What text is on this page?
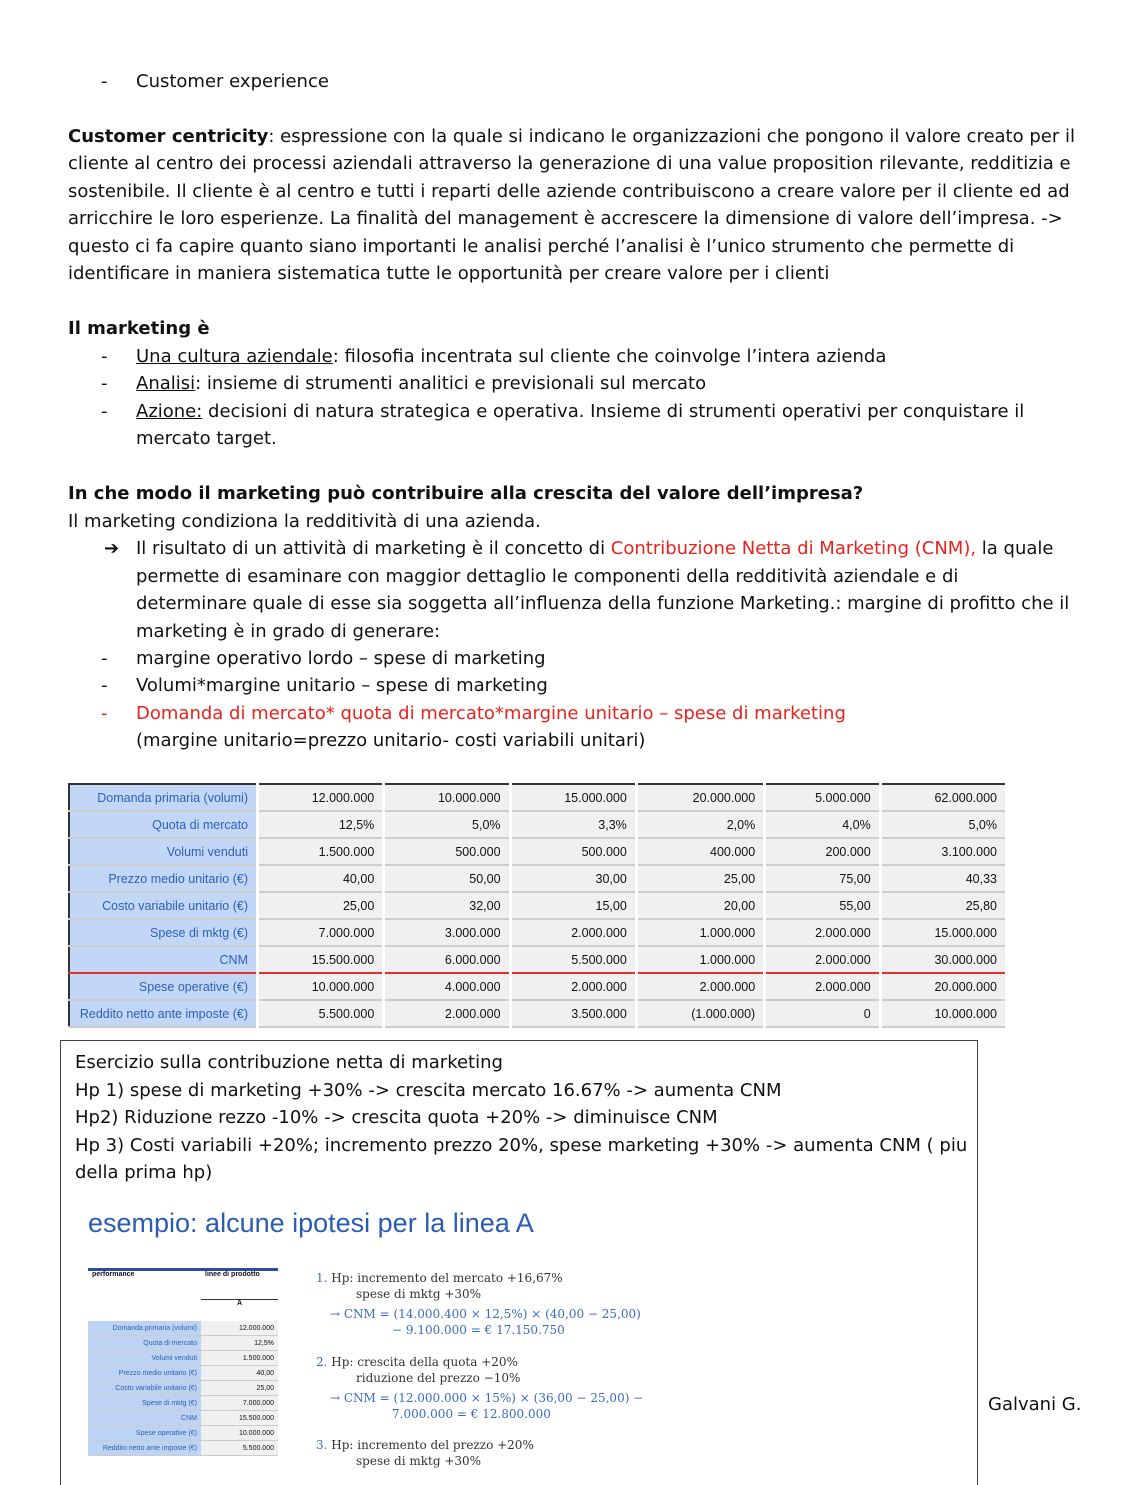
- Customer experience
Customer centricity: espressione con la quale si indicano le organizzazioni che pongono il valore creato per il
cliente al centro dei processi aziendali attraverso la generazione di una value proposition rilevante, redditizia e
sostenibile. Il cliente è al centro e tutti i reparti delle aziende contribuiscono a creare valore per il cliente ed ad
arricchire le loro esperienze. La finalità del management è accrescere la dimensione di valore dell’impresa. ->
questo ci fa capire quanto siano importanti le analisi perché l’analisi è l’unico strumento che permette di
identificare in maniera sistematica tutte le opportunità per creare valore per i clienti
Il marketing è
- Una cultura aziendale: filosofia incentrata sul cliente che coinvolge l’intera azienda
- Analisi: insieme di strumenti analitici e previsionali sul mercato
- Azione: decisioni di natura strategica e operativa. Insieme di strumenti operativi per conquistare il
mercato target.
In che modo il marketing può contribuire alla crescita del valore dell’impresa?
Il marketing condiziona la redditività di una azienda.
➔ Il risultato di un attività di marketing è il concetto di Contribuzione Netta di Marketing (CNM), la quale
permette di esaminare con maggior dettaglio le componenti della redditività aziendale e di
determinare quale di esse sia soggetta all’influenza della funzione Marketing.: margine di profitto che il
marketing è in grado di generare:
- margine operativo lordo – spese di marketing
- Volumi*margine unitario – spese di marketing
- Domanda di mercato* quota di mercato*margine unitario – spese di marketing
(margine unitario=prezzo unitario- costi variabili unitari)
Domanda primaria (volumi)	12.000.000	10.000.000	15.000.000	20.000.000	5.000.000	62.000.000
Quota di mercato	12,5%	5,0%	3,3%	2,0%	4,0%	5,0%
Volumi venduti	1.500.000	500.000	500.000	400.000	200.000	3.100.000
Prezzo medio unitario (€)	40,00	50,00	30,00	25,00	75,00	40,33
Costo variabile unitario (€)	25,00	32,00	15,00	20,00	55,00	25,80
Spese di mktg (€)	7.000.000	3.000.000	2.000.000	1.000.000	2.000.000	15.000.000
CNM	15.500.000	6.000.000	5.500.000	1.000.000	2.000.000	30.000.000
Spese operative (€)	10.000.000	4.000.000	2.000.000	2.000.000	2.000.000	20.000.000
Reddito netto ante imposte (€)	5.500.000	2.000.000	3.500.000	(1.000.000)	0	10.000.000
Esercizio sulla contribuzione netta di marketing
Hp 1) spese di marketing +30% -> crescita mercato 16.67% -> aumenta CNM
Hp2) Riduzione rezzo -10% -> crescita quota +20% -> diminuisce CNM
Hp 3) Costi variabili +20%; incremento prezzo 20%, spese marketing +30% -> aumenta CNM ( piu
della prima hp)
esempio: alcune ipotesi per la linea A
performance	linee di prodotto
	A
Domanda primaria (volumi)	12.000.000
Quota di mercato	12,5%
Volumi venduti	1.500.000
Prezzo medio unitario (€)	40,00
Costo variabile unitario (€)	25,00
Spese di mktg (€)	7.000.000
CNM	15.500.000
Spese operative (€)	10.000.000
Reddito netto ante imposte (€)	5.500.000
1. Hp: incremento del mercato +16,67%
spese di mktg +30%

→ CNM = (14.000.400 × 12,5%) × (40,00 − 25,00)
− 9.100.000 = € 17.150.750
2. Hp: crescita della quota +20%
riduzione del prezzo −10%

→ CNM = (12.000.000 × 15%) × (36,00 − 25,00) −
7.000.000 = € 12.800.000
3. Hp: incremento del prezzo +20%
spese di mktg +30%
Galvani G.
